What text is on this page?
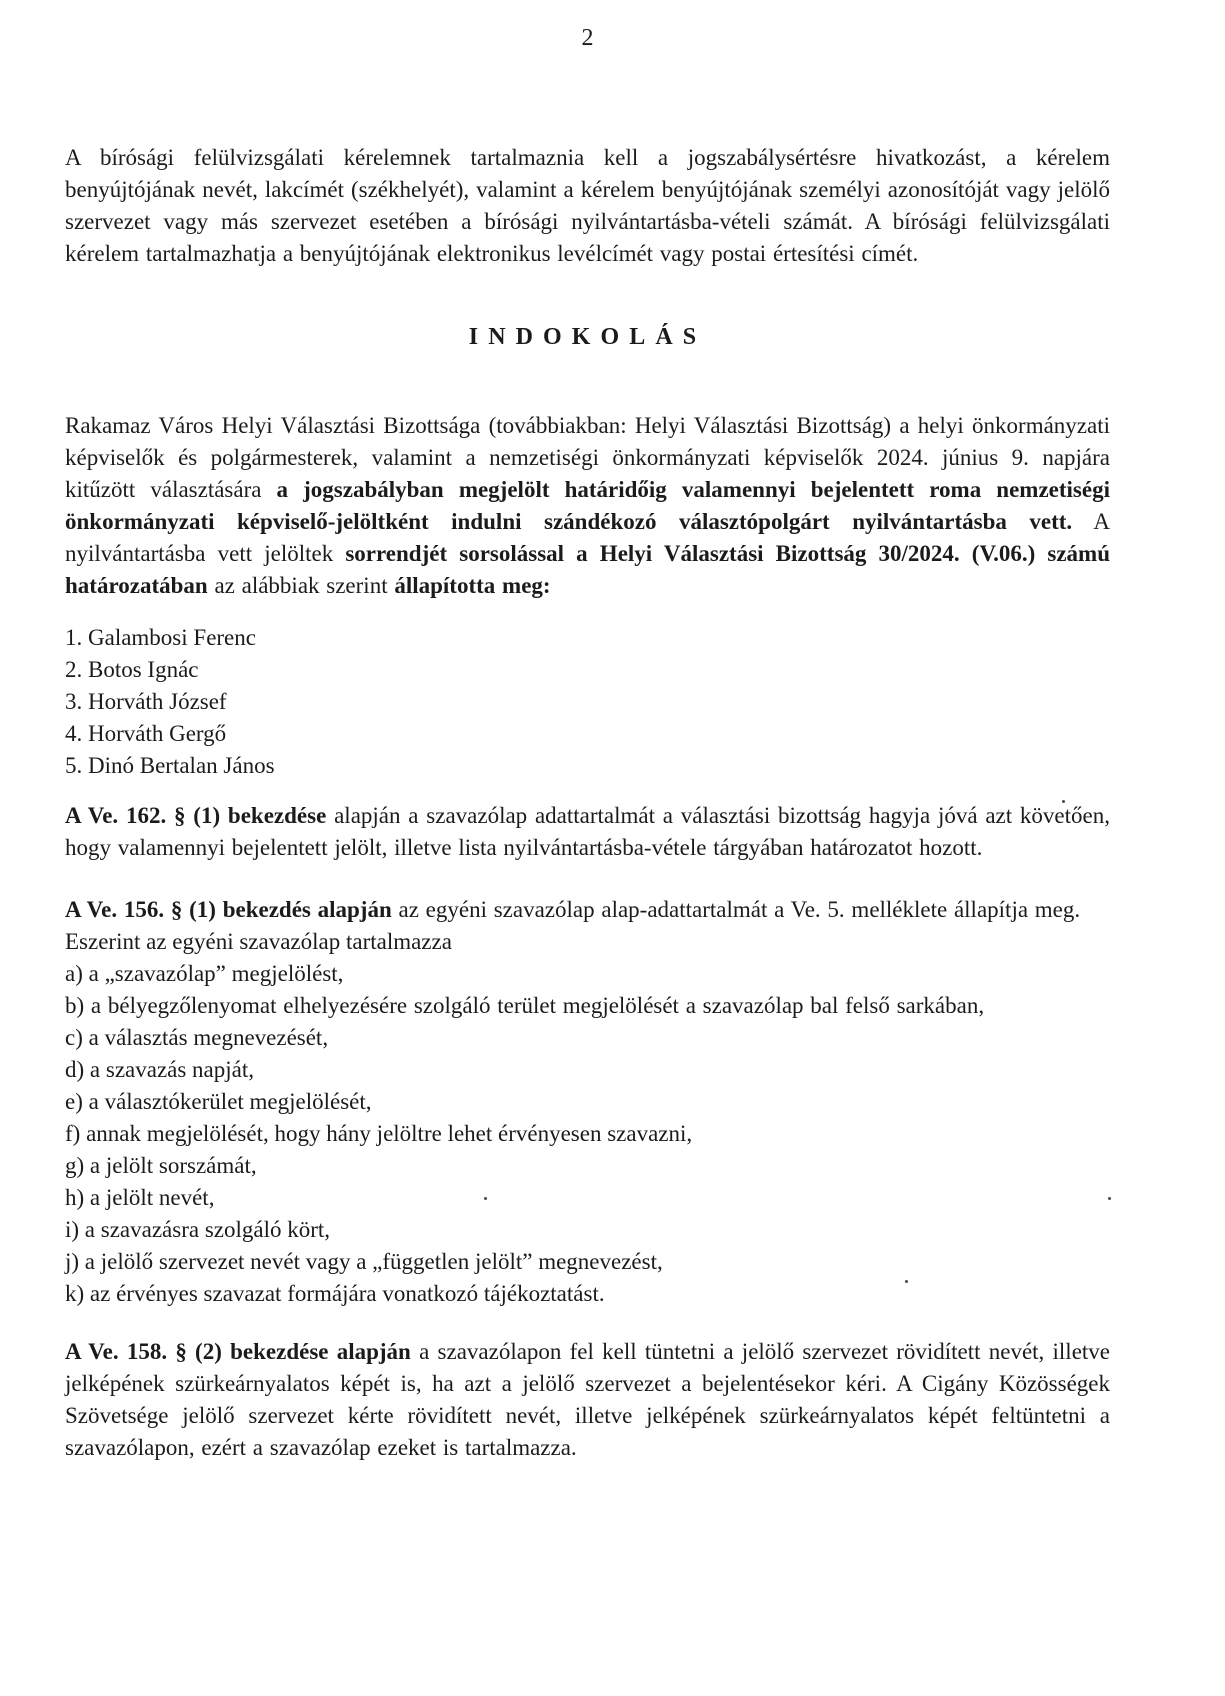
2

A bírósági felülvizsgálati kérelemnek tartalmaznia kell a jogszabálysértésre hivatkozást, a kérelem benyújtójának nevét, lakcímét (székhelyét), valamint a kérelem benyújtójának személyi azonosítóját vagy jelölő szervezet vagy más szervezet esetében a bírósági nyilvántartásba-vételi számát. A bírósági felülvizsgálati kérelem tartalmazhatja a benyújtójának elektronikus levélcímét vagy postai értesítési címét.

INDOKOLÁS

Rakamaz Város Helyi Választási Bizottsága (továbbiakban: Helyi Választási Bizottság) a helyi önkormányzati képviselők és polgármesterek, valamint a nemzetiségi önkormányzati képviselők 2024. június 9. napjára kitűzött választására a jogszabályban megjelölt határidőig valamennyi bejelentett roma nemzetiségi önkormányzati képviselő-jelöltként indulni szándékozó választópolgárt nyilvántartásba vett. A nyilvántartásba vett jelöltek sorrendjét sorsolással a Helyi Választási Bizottság 30/2024. (V.06.) számú határozatában az alábbiak szerint állapította meg:

1. Galambosi Ferenc
2. Botos Ignác
3. Horváth József
4. Horváth Gergő
5. Dinó Bertalan János

A Ve. 162. § (1) bekezdése alapján a szavazólap adattartalmát a választási bizottság hagyja jóvá azt követően, hogy valamennyi bejelentett jelölt, illetve lista nyilvántartásba-vétele tárgyában határozatot hozott.

A Ve. 156. § (1) bekezdés alapján az egyéni szavazólap alap-adattartalmát a Ve. 5. melléklete állapítja meg.

Eszerint az egyéni szavazólap tartalmazza
a) a „szavazólap” megjelölést,
b) a bélyegzőlenyomat elhelyezésére szolgáló terület megjelölését a szavazólap bal felső sarkában,
c) a választás megnevezését,
d) a szavazás napját,
e) a választókerület megjelölését,
f) annak megjelölését, hogy hány jelöltre lehet érvényesen szavazni,
g) a jelölt sorszámát,
h) a jelölt nevét,
i) a szavazásra szolgáló kört,
j) a jelölő szervezet nevét vagy a „független jelölt” megnevezést,
k) az érvényes szavazat formájára vonatkozó tájékoztatást.

A Ve. 158. § (2) bekezdése alapján a szavazólapon fel kell tüntetni a jelölő szervezet rövidített nevét, illetve jelképének szürkeárnyalatos képét is, ha azt a jelölő szervezet a bejelentésekor kéri. A Cigány Közösségek Szövetsége jelölő szervezet kérte rövidített nevét, illetve jelképének szürkeárnyalatos képét feltüntetni a szavazólapon, ezért a szavazólap ezeket is tartalmazza.
